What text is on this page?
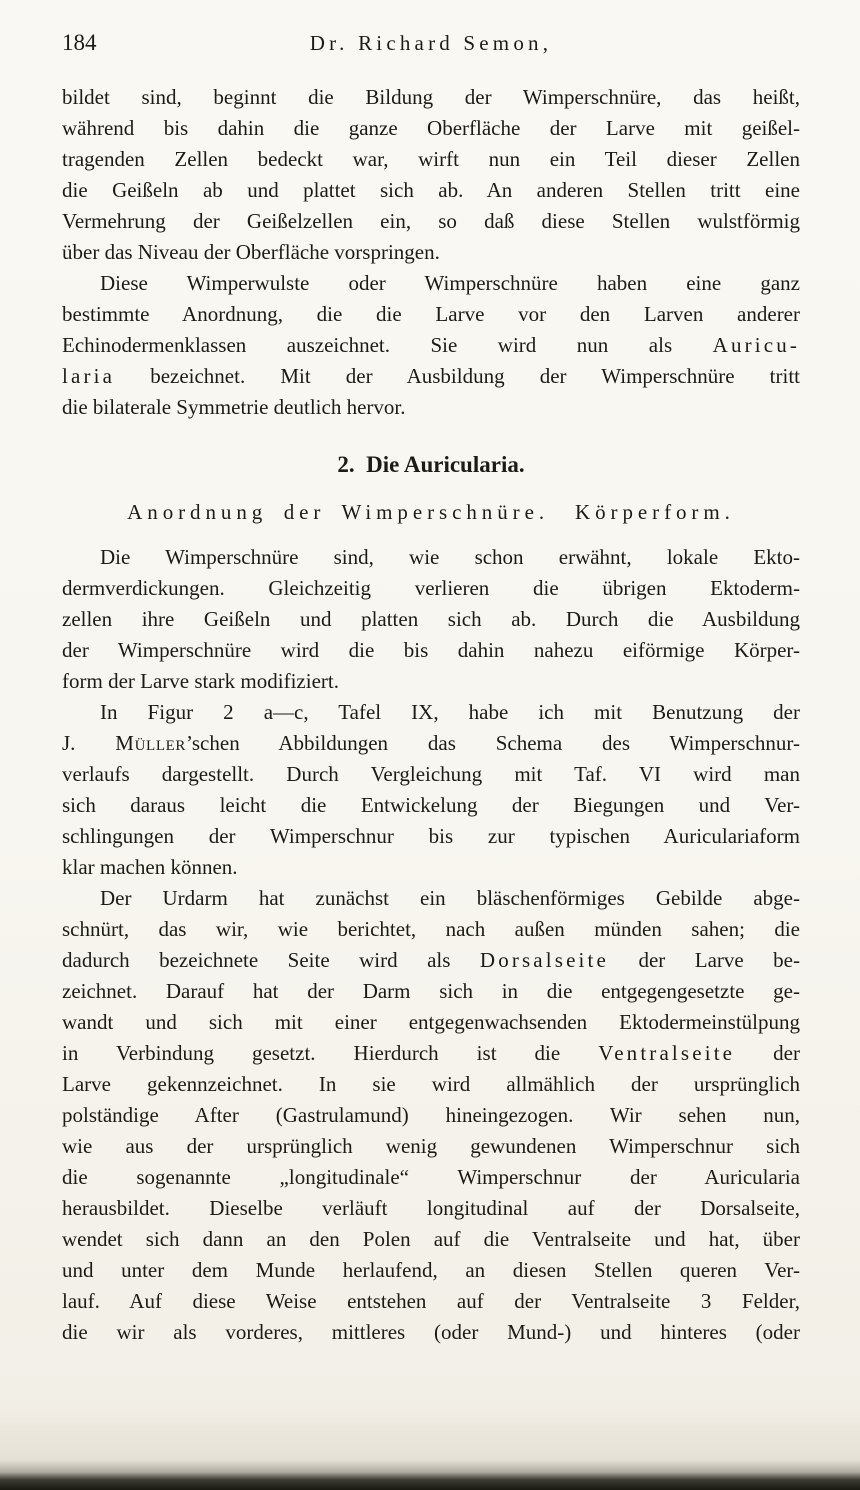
184	Dr. Richard Semon,
bildet sind, beginnt die Bildung der Wimperschnüre, das heißt,
während bis dahin die ganze Oberfläche der Larve mit geißel-
tragenden Zellen bedeckt war, wirft nun ein Teil dieser Zellen
die Geißeln ab und plattet sich ab. An anderen Stellen tritt eine
Vermehrung der Geißelzellen ein, so daß diese Stellen wulstförmig
über das Niveau der Oberfläche vorspringen.
Diese Wimperwulste oder Wimperschnüre haben eine ganz
bestimmte Anordnung, die die Larve vor den Larven anderer
Echinodermenklassen auszeichnet. Sie wird nun als Auricu-
laria bezeichnet. Mit der Ausbildung der Wimperschnüre tritt
die bilaterale Symmetrie deutlich hervor.
2. Die Auricularia.
Anordnung der Wimperschnüre. Körperform.
Die Wimperschnüre sind, wie schon erwähnt, lokale Ekto-
dermverdickungen. Gleichzeitig verlieren die übrigen Ektoderm-
zellen ihre Geißeln und platten sich ab. Durch die Ausbildung
der Wimperschnüre wird die bis dahin nahezu eiförmige Körper-
form der Larve stark modifiziert.
In Figur 2 a—c, Tafel IX, habe ich mit Benutzung der
J. Müller’schen Abbildungen das Schema des Wimperschnur-
verlaufs dargestellt. Durch Vergleichung mit Taf. VI wird man
sich daraus leicht die Entwickelung der Biegungen und Ver-
schlingungen der Wimperschnur bis zur typischen Auriculariaform
klar machen können.
Der Urdarm hat zunächst ein bläschenförmiges Gebilde abge-
schnürt, das wir, wie berichtet, nach außen münden sahen; die
dadurch bezeichnete Seite wird als Dorsalseite der Larve be-
zeichnet. Darauf hat der Darm sich in die entgegengesetzte ge-
wandt und sich mit einer entgegenwachsenden Ektodermeinstülpung
in Verbindung gesetzt. Hierdurch ist die Ventralseite der
Larve gekennzeichnet. In sie wird allmählich der ursprünglich
polständige After (Gastrulamund) hineingezogen. Wir sehen nun,
wie aus der ursprünglich wenig gewundenen Wimperschnur sich
die sogenannte „longitudinale“ Wimperschnur der Auricularia
herausbildet. Dieselbe verläuft longitudinal auf der Dorsalseite,
wendet sich dann an den Polen auf die Ventralseite und hat, über
und unter dem Munde herlaufend, an diesen Stellen queren Ver-
lauf. Auf diese Weise entstehen auf der Ventralseite 3 Felder,
die wir als vorderes, mittleres (oder Mund-) und hinteres (oder
